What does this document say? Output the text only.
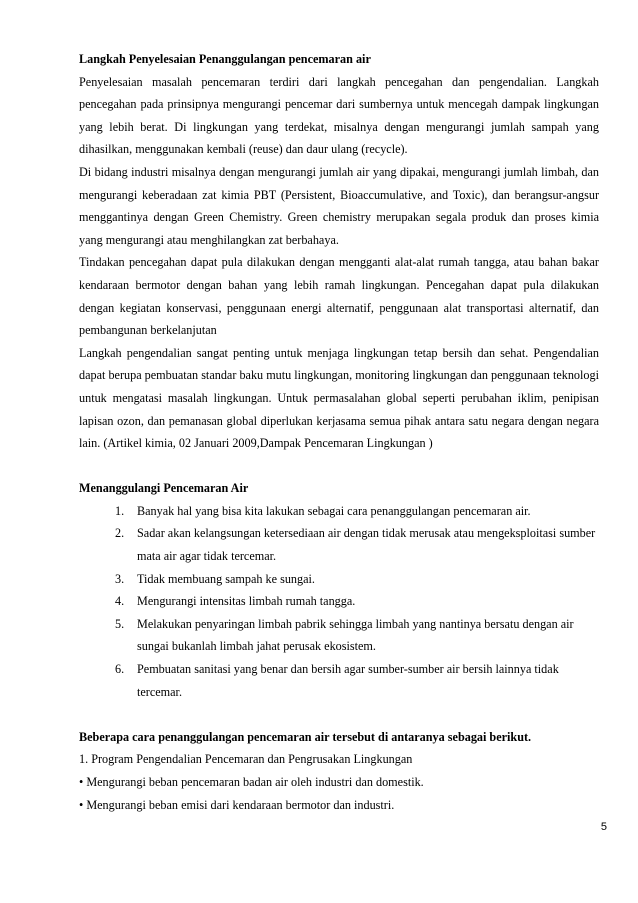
Langkah Penyelesaian Penanggulangan pencemaran air

Penyelesaian masalah pencemaran terdiri dari langkah pencegahan dan pengendalian. Langkah pencegahan pada prinsipnya mengurangi pencemar dari sumbernya untuk mencegah dampak lingkungan yang lebih berat. Di lingkungan yang terdekat, misalnya dengan mengurangi jumlah sampah yang dihasilkan, menggunakan kembali (reuse) dan daur ulang (recycle).

Di bidang industri misalnya dengan mengurangi jumlah air yang dipakai, mengurangi jumlah limbah, dan mengurangi keberadaan zat kimia PBT (Persistent, Bioaccumulative, and Toxic), dan berangsur-angsur menggantinya dengan Green Chemistry. Green chemistry merupakan segala produk dan proses kimia yang mengurangi atau menghilangkan zat berbahaya.

Tindakan pencegahan dapat pula dilakukan dengan mengganti alat-alat rumah tangga, atau bahan bakar kendaraan bermotor dengan bahan yang lebih ramah lingkungan. Pencegahan dapat pula dilakukan dengan kegiatan konservasi, penggunaan energi alternatif, penggunaan alat transportasi alternatif, dan pembangunan berkelanjutan

Langkah pengendalian sangat penting untuk menjaga lingkungan tetap bersih dan sehat. Pengendalian dapat berupa pembuatan standar baku mutu lingkungan, monitoring lingkungan dan penggunaan teknologi untuk mengatasi masalah lingkungan. Untuk permasalahan global seperti perubahan iklim, penipisan lapisan ozon, dan pemanasan global diperlukan kerjasama semua pihak antara satu negara dengan negara lain. (Artikel kimia, 02 Januari 2009,Dampak Pencemaran Lingkungan )

Menanggulangi Pencemaran Air

1. Banyak hal yang bisa kita lakukan sebagai cara penanggulangan pencemaran air.
2. Sadar akan kelangsungan ketersediaan air dengan tidak merusak atau mengeksploitasi sumber mata air agar tidak tercemar.
3. Tidak membuang sampah ke sungai.
4. Mengurangi intensitas limbah rumah tangga.
5. Melakukan penyaringan limbah pabrik sehingga limbah yang nantinya bersatu dengan air sungai bukanlah limbah jahat perusak ekosistem.
6. Pembuatan sanitasi yang benar dan bersih agar sumber-sumber air bersih lainnya tidak tercemar.

Beberapa cara penanggulangan pencemaran air tersebut di antaranya sebagai berikut.

1. Program Pengendalian Pencemaran dan Pengrusakan Lingkungan

• Mengurangi beban pencemaran badan air oleh industri dan domestik.

• Mengurangi beban emisi dari kendaraan bermotor dan industri.

5
